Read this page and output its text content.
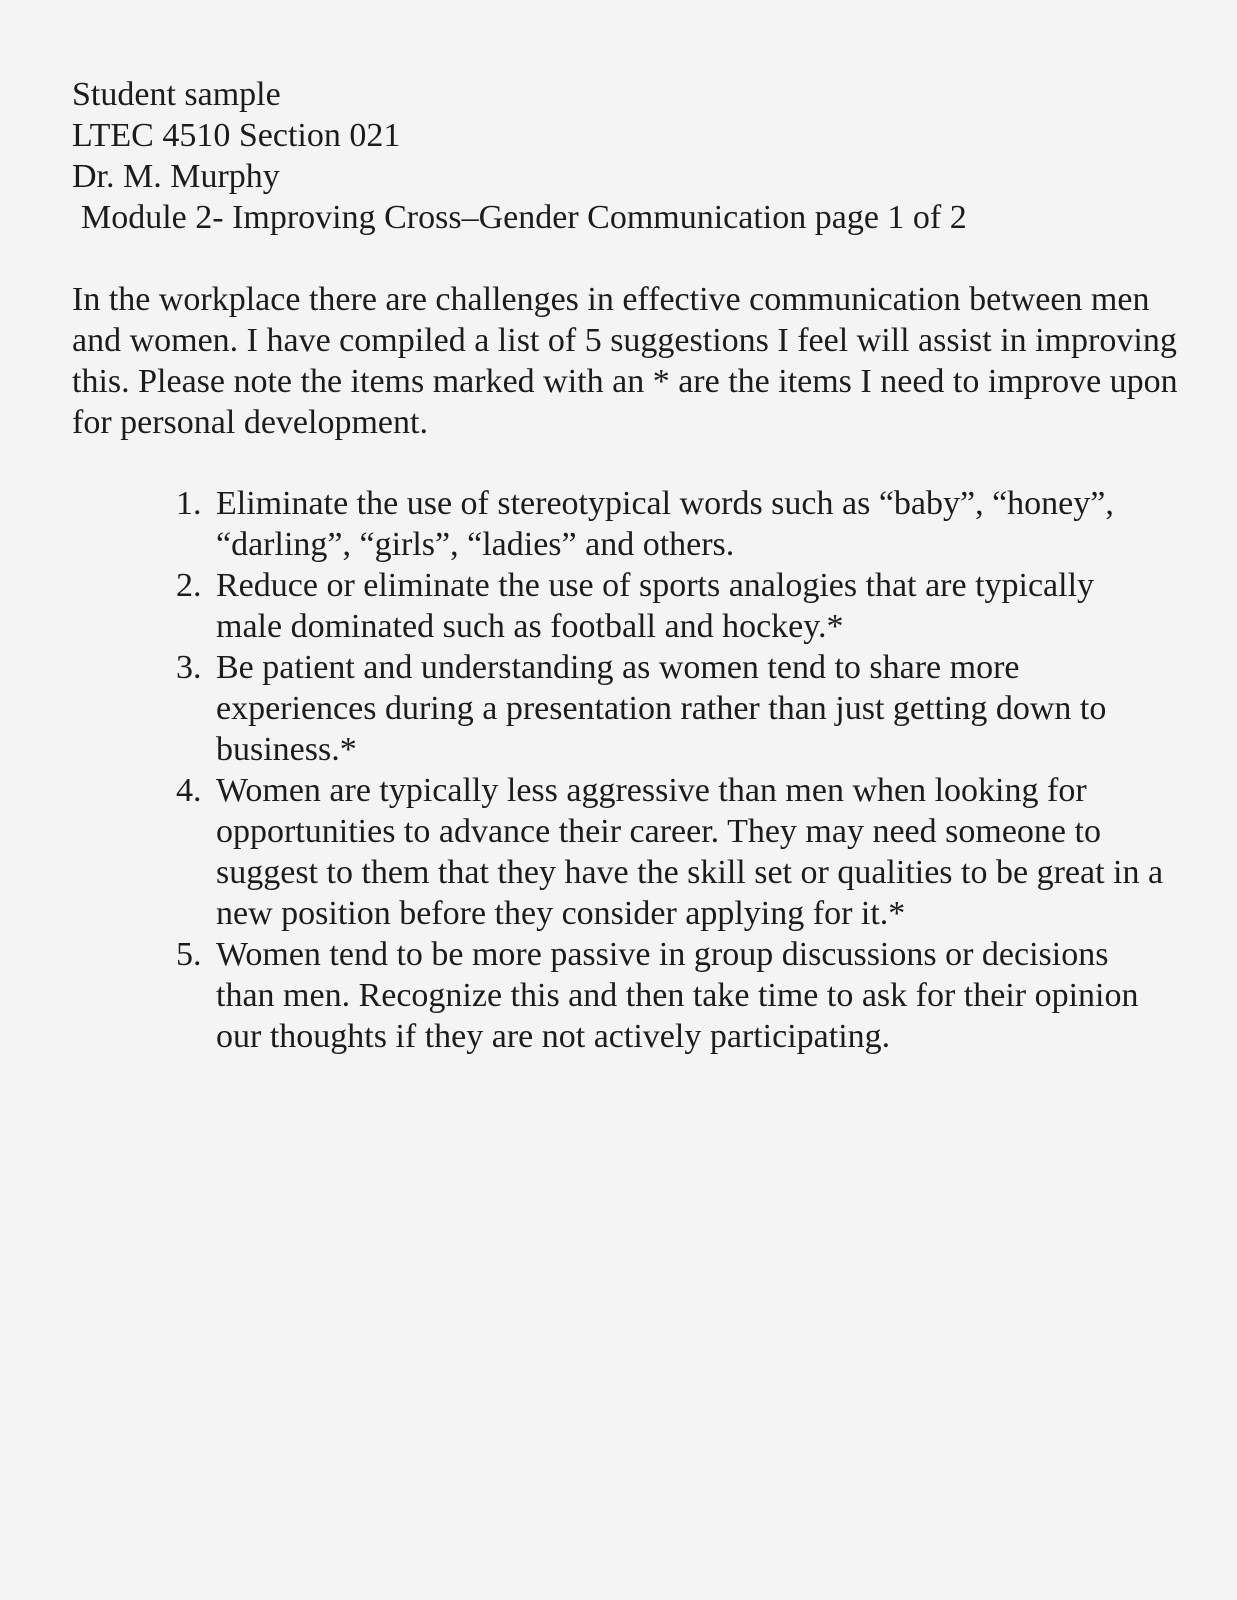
Student sample
LTEC 4510 Section 021
Dr. M. Murphy
Module 2- Improving Cross–Gender Communication page 1 of 2

In the workplace there are challenges in effective communication between men and women. I have compiled a list of 5 suggestions I feel will assist in improving this. Please note the items marked with an * are the items I need to improve upon for personal development.

1. Eliminate the use of stereotypical words such as “baby”, “honey”, “darling”, “girls”, “ladies” and others.
2. Reduce or eliminate the use of sports analogies that are typically male dominated such as football and hockey.*
3. Be patient and understanding as women tend to share more experiences during a presentation rather than just getting down to business.*
4. Women are typically less aggressive than men when looking for opportunities to advance their career. They may need someone to suggest to them that they have the skill set or qualities to be great in a new position before they consider applying for it.*
5. Women tend to be more passive in group discussions or decisions than men. Recognize this and then take time to ask for their opinion our thoughts if they are not actively participating.
